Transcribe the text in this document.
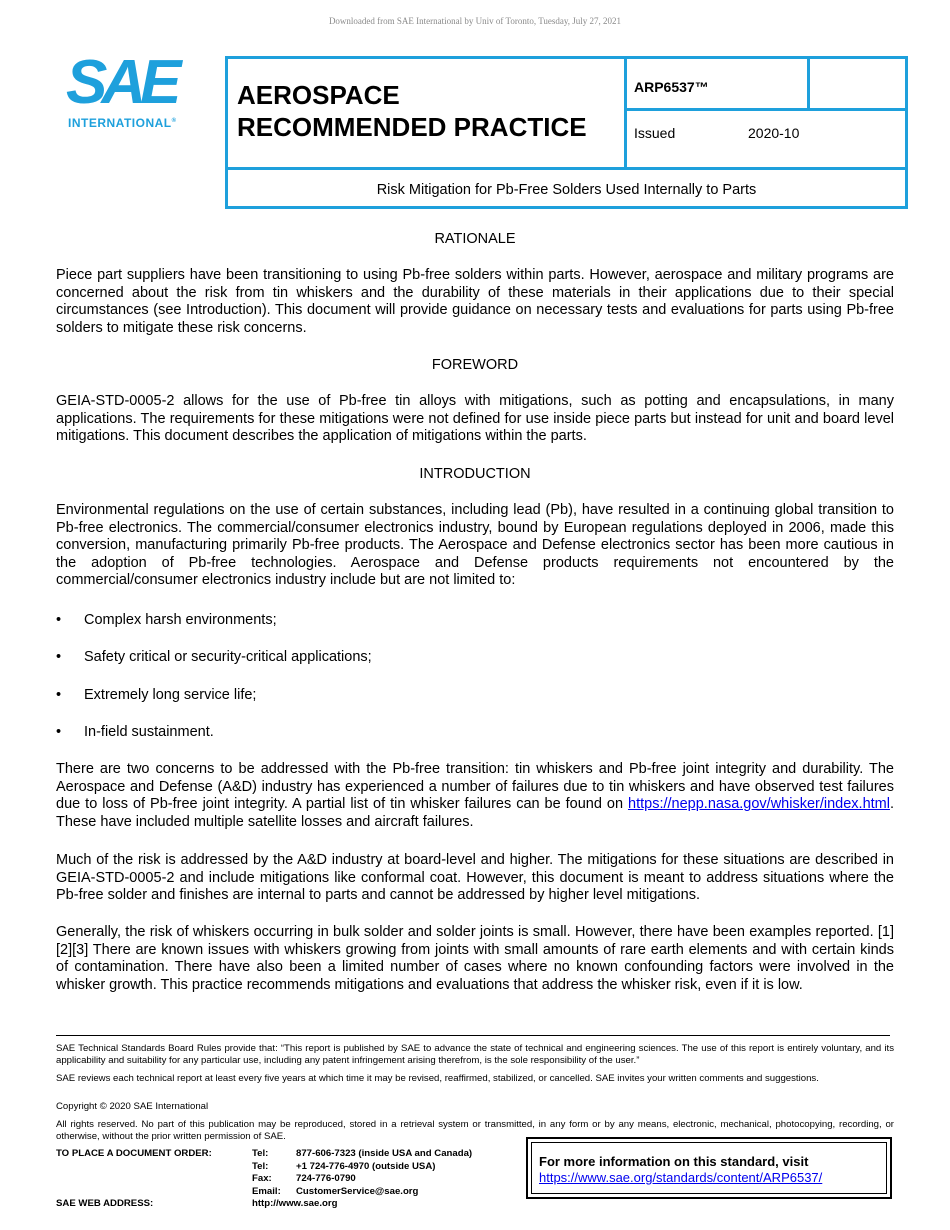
Downloaded from SAE International by Univ of Toronto, Tuesday, July 27, 2021
SAE
INTERNATIONAL®
AEROSPACE
RECOMMENDED PRACTICE
ARP6537™
Issued	2020-10
Risk Mitigation for Pb-Free Solders Used Internally to Parts
RATIONALE
Piece part suppliers have been transitioning to using Pb-free solders within parts. However, aerospace and military programs are concerned about the risk from tin whiskers and the durability of these materials in their applications due to their special circumstances (see Introduction). This document will provide guidance on necessary tests and evaluations for parts using Pb-free solders to mitigate these risk concerns.
FOREWORD
GEIA-STD-0005-2 allows for the use of Pb-free tin alloys with mitigations, such as potting and encapsulations, in many applications. The requirements for these mitigations were not defined for use inside piece parts but instead for unit and board level mitigations. This document describes the application of mitigations within the parts.
INTRODUCTION
Environmental regulations on the use of certain substances, including lead (Pb), have resulted in a continuing global transition to Pb-free electronics. The commercial/consumer electronics industry, bound by European regulations deployed in 2006, made this conversion, manufacturing primarily Pb-free products. The Aerospace and Defense electronics sector has been more cautious in the adoption of Pb-free technologies. Aerospace and Defense products requirements not encountered by the commercial/consumer electronics industry include but are not limited to:
• Complex harsh environments;
• Safety critical or security-critical applications;
• Extremely long service life;
• In-field sustainment.
There are two concerns to be addressed with the Pb-free transition: tin whiskers and Pb-free joint integrity and durability. The Aerospace and Defense (A&D) industry has experienced a number of failures due to tin whiskers and have observed test failures due to loss of Pb-free joint integrity. A partial list of tin whisker failures can be found on https://nepp.nasa.gov/whisker/index.html. These have included multiple satellite losses and aircraft failures.
Much of the risk is addressed by the A&D industry at board-level and higher. The mitigations for these situations are described in GEIA-STD-0005-2 and include mitigations like conformal coat. However, this document is meant to address situations where the Pb-free solder and finishes are internal to parts and cannot be addressed by higher level mitigations.
Generally, the risk of whiskers occurring in bulk solder and solder joints is small. However, there have been examples reported. [1][2][3] There are known issues with whiskers growing from joints with small amounts of rare earth elements and with certain kinds of contamination. There have also been a limited number of cases where no known confounding factors were involved in the whisker growth. This practice recommends mitigations and evaluations that address the whisker risk, even if it is low.
SAE Technical Standards Board Rules provide that: “This report is published by SAE to advance the state of technical and engineering sciences. The use of this report is entirely voluntary, and its applicability and suitability for any particular use, including any patent infringement arising therefrom, is the sole responsibility of the user.”
SAE reviews each technical report at least every five years at which time it may be revised, reaffirmed, stabilized, or cancelled. SAE invites your written comments and suggestions.
Copyright © 2020 SAE International
All rights reserved. No part of this publication may be reproduced, stored in a retrieval system or transmitted, in any form or by any means, electronic, mechanical, photocopying, recording, or otherwise, without the prior written permission of SAE.
TO PLACE A DOCUMENT ORDER:	Tel:	877-606-7323 (inside USA and Canada)
Tel:	+1 724-776-4970 (outside USA)
Fax:	724-776-0790
Email: CustomerService@sae.org
SAE WEB ADDRESS:	http://www.sae.org
For more information on this standard, visit
https://www.sae.org/standards/content/ARP6537/
